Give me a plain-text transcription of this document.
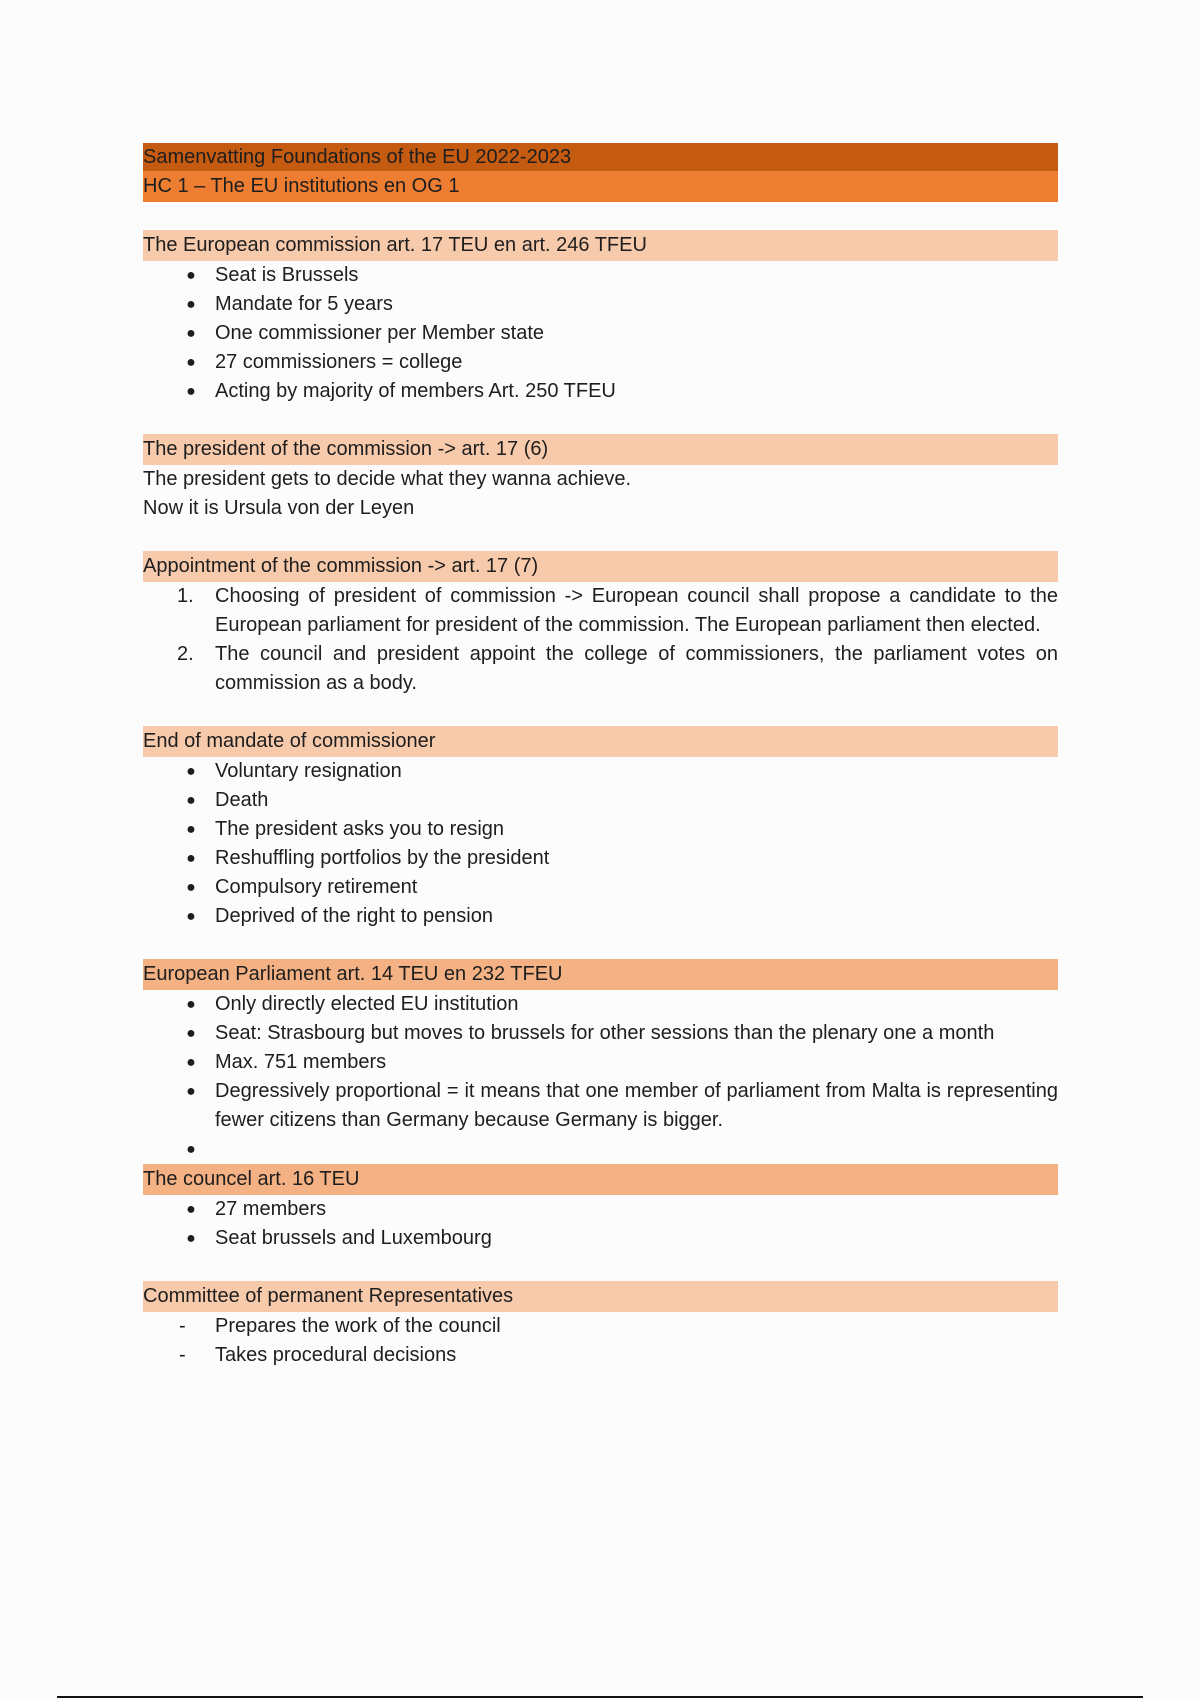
Samenvatting Foundations of the EU 2022-2023
HC 1 – The EU institutions en OG 1
The European commission art. 17 TEU en art. 246 TFEU
● Seat is Brussels
● Mandate for 5 years
● One commissioner per Member state
● 27 commissioners = college
● Acting by majority of members Art. 250 TFEU
The president of the commission -> art. 17 (6)
The president gets to decide what they wanna achieve.
Now it is Ursula von der Leyen
Appointment of the commission -> art. 17 (7)
1. Choosing of president of commission -> European council shall propose a candidate to the European parliament for president of the commission. The European parliament then elected.
2. The council and president appoint the college of commissioners, the parliament votes on commission as a body.
End of mandate of commissioner
● Voluntary resignation
● Death
● The president asks you to resign
● Reshuffling portfolios by the president
● Compulsory retirement
● Deprived of the right to pension
European Parliament art. 14 TEU en 232 TFEU
● Only directly elected EU institution
● Seat: Strasbourg but moves to brussels for other sessions than the plenary one a month
● Max. 751 members
● Degressively proportional = it means that one member of parliament from Malta is representing fewer citizens than Germany because Germany is bigger.
●
The councel art. 16 TEU
● 27 members
● Seat brussels and Luxembourg
Committee of permanent Representatives
- Prepares the work of the council
- Takes procedural decisions
